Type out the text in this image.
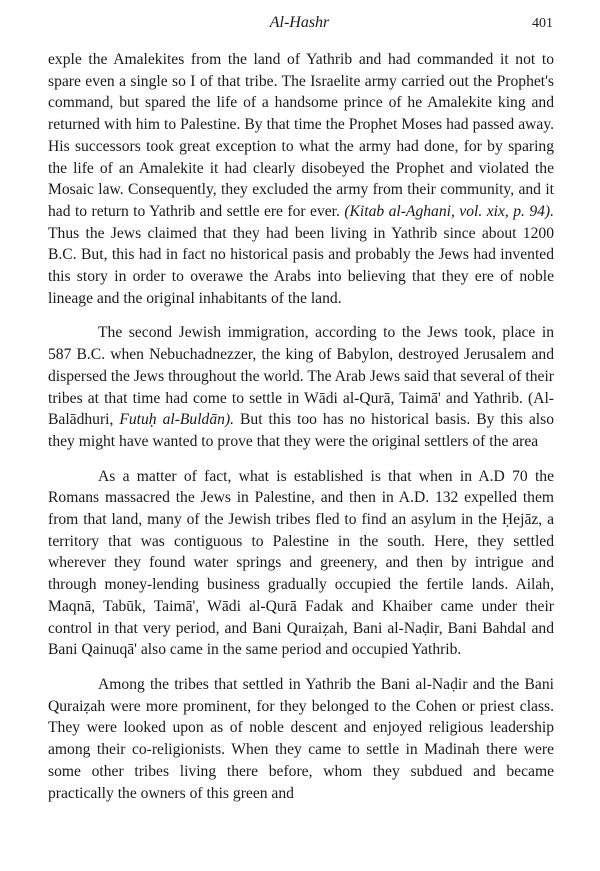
Al-Hashr	401

exple the Amalekites from the land of Yathrib and had commanded it not to spare even a single so I of that tribe. The Israelite army carried out the Prophet's command, but spared the life of a handsome prince of he Amalekite king and returned with him to Palestine. By that time the Prophet Moses had passed away. His successors took great exception to what the army had done, for by sparing the life of an Amalekite it had clearly disobeyed the Prophet and violated the Mosaic law. Consequently, they excluded the army from their community, and it had to return to Yathrib and settle ere for ever. (Kitab al-Aghani, vol. xix, p. 94). Thus the Jews claimed that they had been living in Yathrib since about 1200 B.C. But, this had in fact no historical pasis and probably the Jews had invented this story in order to overawe the Arabs into believing that they ere of noble lineage and the original inhabitants of the land.

The second Jewish immigration, according to the Jews took, place in 587 B.C. when Nebuchadnezzer, the king of Babylon, destroyed Jerusalem and dispersed the Jews throughout the world. The Arab Jews said that several of their tribes at that time had come to settle in Wādi al-Qurā, Taimā' and Yathrib. (Al-Balādhuri, Futuḥ al-Buldān). But this too has no historical basis. By this also they might have wanted to prove that they were the original settlers of the area

As a matter of fact, what is established is that when in A.D 70 the Romans massacred the Jews in Palestine, and then in A.D. 132 expelled them from that land, many of the Jewish tribes fled to find an asylum in the Ḥejāz, a territory that was contiguous to Palestine in the south. Here, they settled wherever they found water springs and greenery, and then by intrigue and through money-lending business gradually occupied the fertile lands. Ailah, Maqnā, Tabūk, Taimā', Wādi al-Qurā Fadak and Khaiber came under their control in that very period, and Bani Quraiẓah, Bani al-Naḍir, Bani Bahdal and Bani Qainuqā' also came in the same period and occupied Yathrib.

Among the tribes that settled in Yathrib the Bani al-Naḍir and the Bani Quraiẓah were more prominent, for they belonged to the Cohen or priest class. They were looked upon as of noble descent and enjoyed religious leadership among their co-religionists. When they came to settle in Madinah there were some other tribes living there before, whom they subdued and became practically the owners of this green and
